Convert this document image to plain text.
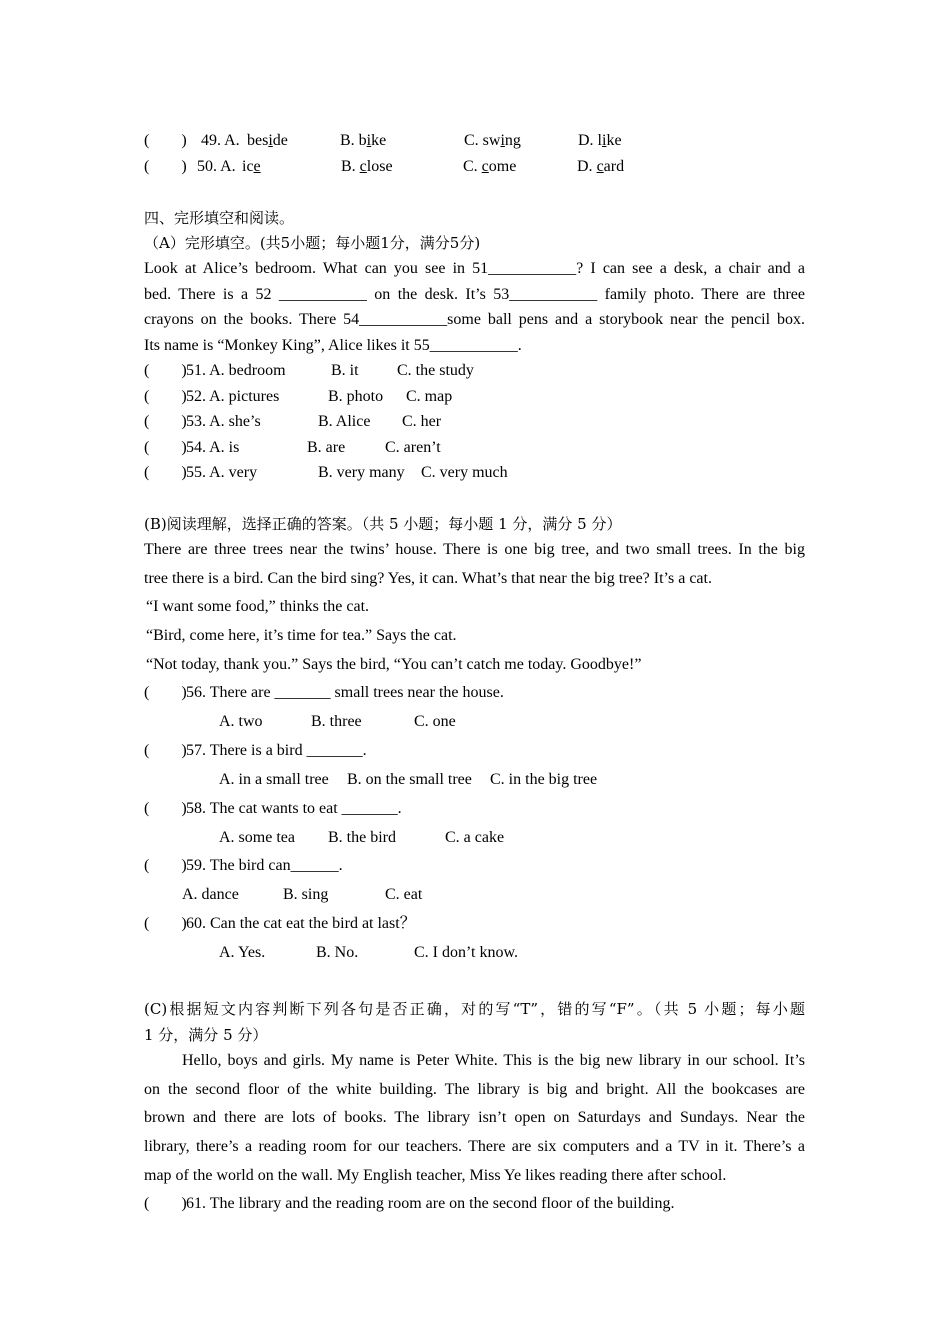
(        ) 49. A. beside	B. bike	C. swing	D. like
(        ) 50. A. ice	B. close	C. come	D. card
四、完形填空和阅读。
（A）完形填空。(共5小题；每小题1分，满分5分)
Look at Alice’s bedroom. What can you see in 51___________? I can see a desk, a chair and a
bed. There is a 52 ___________ on the desk. It’s 53___________ family photo. There are three
crayons on the books. There 54___________some ball pens and a storybook near the pencil box.
Its name is “Monkey King”, Alice likes it 55___________.
(        ) 51. A. bedroom	B. it C. the study
(        ) 52. A. pictures	B. photo C. map
(        ) 53. A. she’s	B. Alice C. her
(        ) 54. A. is	B. are C. aren’t
(        ) 55. A. very	B. very many C. very much
(B)阅读理解，选择正确的答案。（共 5 小题；每小题 1 分，满分 5 分）
There are three trees near the twins’ house. There is one big tree, and two small trees. In the big
tree there is a bird. Can the bird sing? Yes, it can. What’s that near the big tree? It’s a cat.
“I want some food,” thinks the cat.
“Bird, come here, it’s time for tea.” Says the cat.
“Not today, thank you.” Says the bird, “You can’t catch me today. Goodbye!”
(        ) 56. There are _______ small trees near the house.
A. two	B. three	C. one
(        ) 57. There is a bird _______.
A. in a small tree B. on the small tree C. in the big tree
(        ) 58. The cat wants to eat _______.
A. some tea B. the bird	C. a cake
(        ) 59. The bird can______.
A. dance	B. sing	C. eat
(        ) 60. Can the cat eat the bird at last？
A. Yes.	B. No.	C. I don’t know.
(C)根据短文内容判断下列各句是否正确，对的写“T”，错的写“F”。（共 5 小题；每小题
1 分，满分 5 分）
Hello, boys and girls. My name is Peter White. This is the big new library in our school. It’s
on the second floor of the white building. The library is big and bright. All the bookcases are
brown and there are lots of books. The library isn’t open on Saturdays and Sundays. Near the
library, there’s a reading room for our teachers. There are six computers and a TV in it. There’s a
map of the world on the wall. My English teacher, Miss Ye likes reading there after school.
(        ) 61. The library and the reading room are on the second floor of the building.
